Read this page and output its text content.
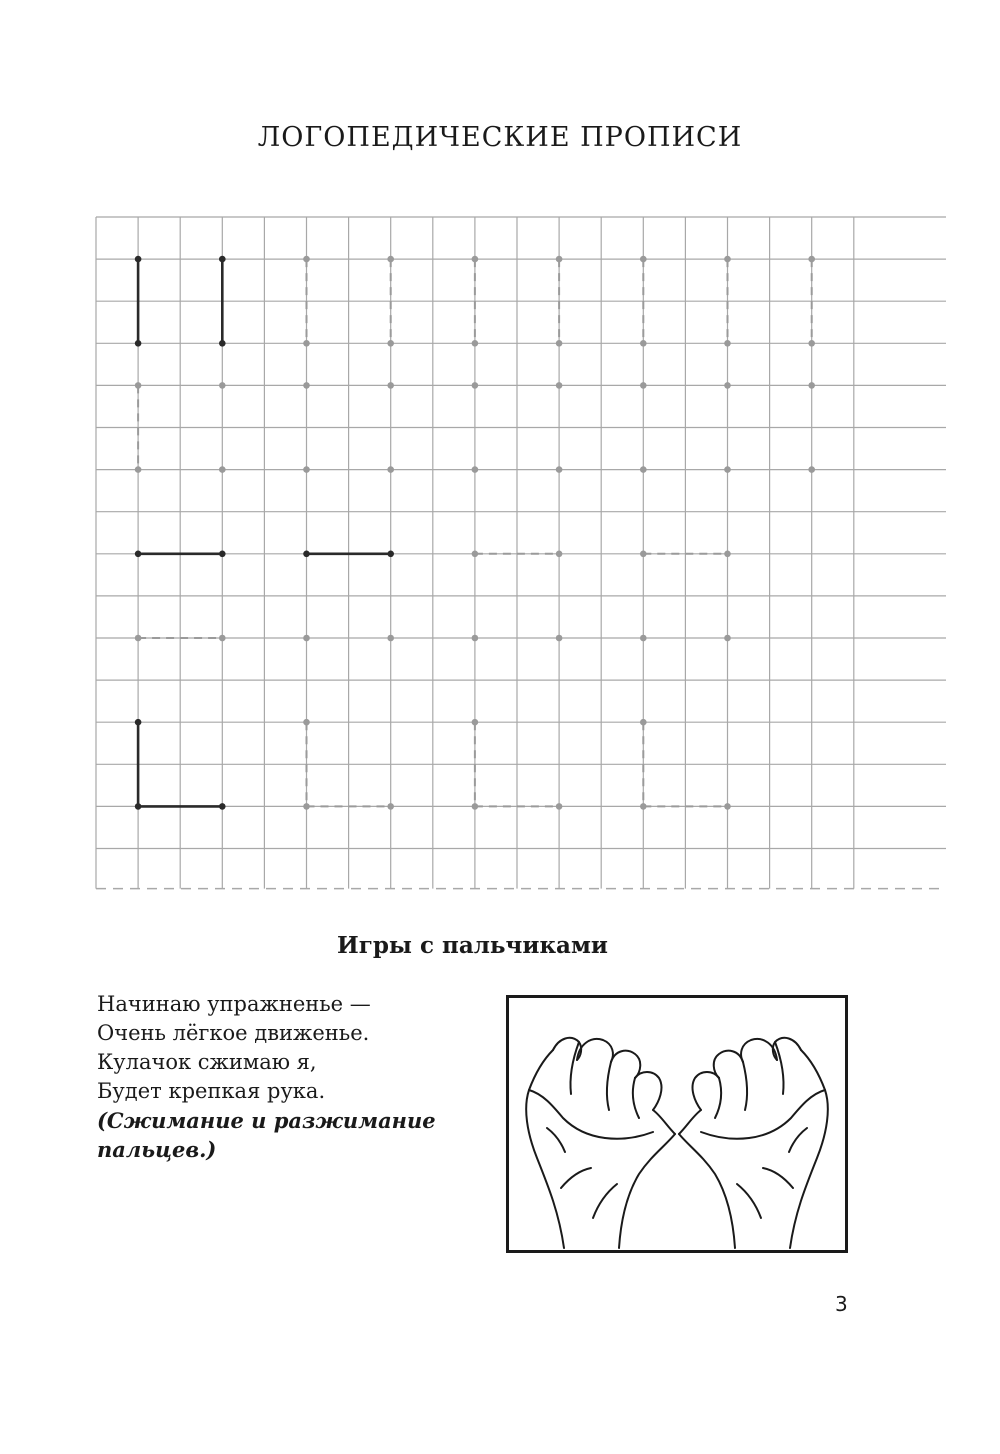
ЛОГОПЕДИЧЕСКИЕ ПРОПИСИ
Игры с пальчиками
Начинаю упражненье —
Очень лёгкое движенье.
Кулачок сжимаю я,
Будет крепкая рука.
(Сжимание и разжимание
пальцев.)
3
